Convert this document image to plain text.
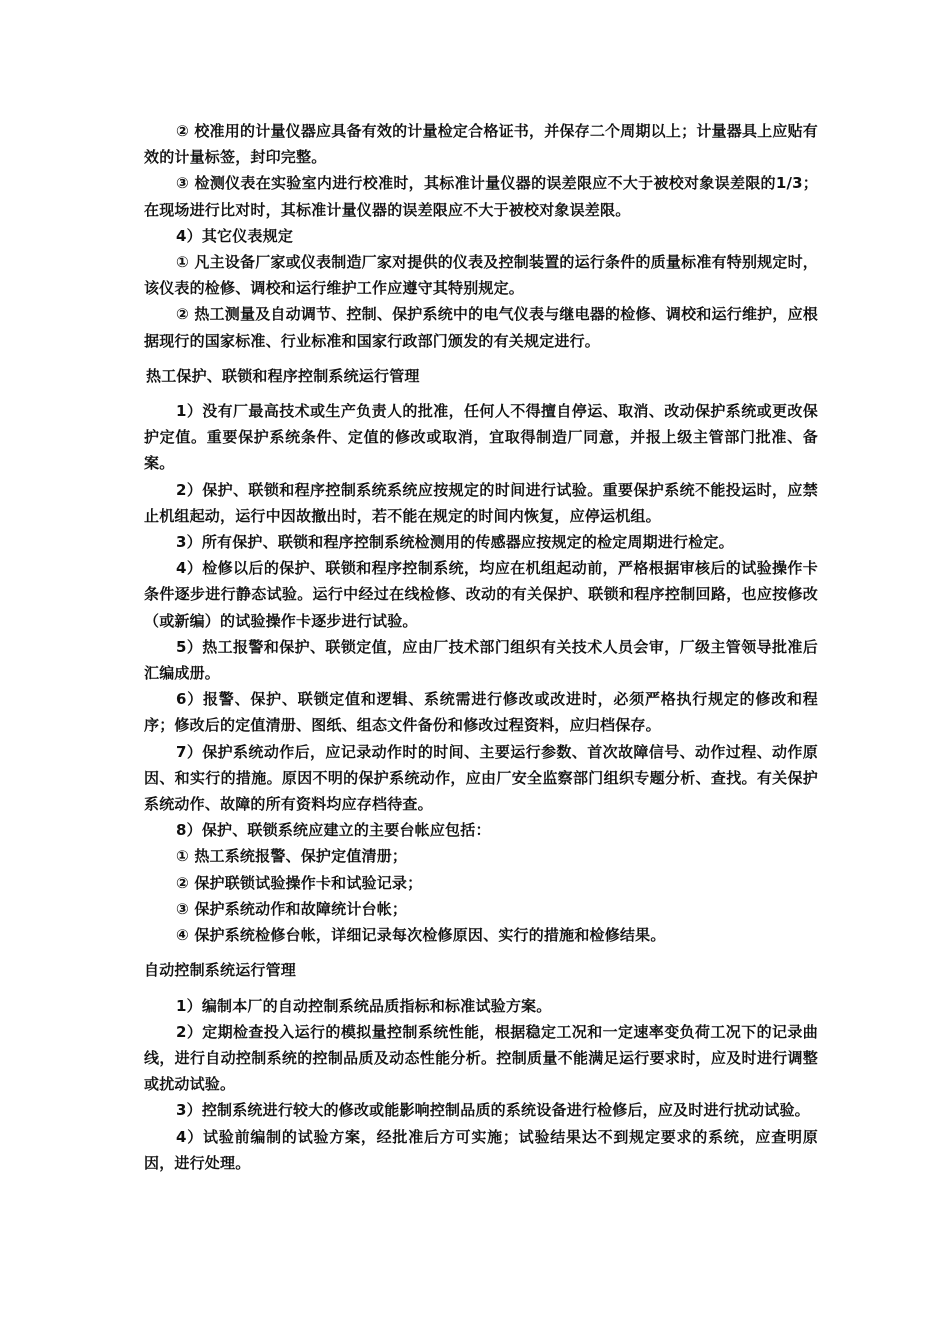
② 校准用的计量仪器应具备有效的计量检定合格证书，并保存二个周期以上；计量器具上应贴有效的计量标签，封印完整。

③ 检测仪表在实验室内进行校准时，其标准计量仪器的误差限应不大于被校对象误差限的1/3；在现场进行比对时，其标准计量仪器的误差限应不大于被校对象误差限。

4）其它仪表规定

① 凡主设备厂家或仪表制造厂家对提供的仪表及控制装置的运行条件的质量标准有特别规定时，该仪表的检修、调校和运行维护工作应遵守其特别规定。

② 热工测量及自动调节、控制、保护系统中的电气仪表与继电器的检修、调校和运行维护，应根据现行的国家标准、行业标准和国家行政部门颁发的有关规定进行。

热工保护、联锁和程序控制系统运行管理

1）没有厂最高技术或生产负责人的批准，任何人不得擅自停运、取消、改动保护系统或更改保护定值。重要保护系统条件、定值的修改或取消，宜取得制造厂同意，并报上级主管部门批准、备案。

2）保护、联锁和程序控制系统系统应按规定的时间进行试验。重要保护系统不能投运时，应禁止机组起动，运行中因故撤出时，若不能在规定的时间内恢复，应停运机组。

3）所有保护、联锁和程序控制系统检测用的传感器应按规定的检定周期进行检定。

4）检修以后的保护、联锁和程序控制系统，均应在机组起动前，严格根据审核后的试验操作卡条件逐步进行静态试验。运行中经过在线检修、改动的有关保护、联锁和程序控制回路，也应按修改（或新编）的试验操作卡逐步进行试验。

5）热工报警和保护、联锁定值，应由厂技术部门组织有关技术人员会审，厂级主管领导批准后汇编成册。

6）报警、保护、联锁定值和逻辑、系统需进行修改或改进时，必须严格执行规定的修改和程序；修改后的定值清册、图纸、组态文件备份和修改过程资料，应归档保存。

7）保护系统动作后，应记录动作时的时间、主要运行参数、首次故障信号、动作过程、动作原因、和实行的措施。原因不明的保护系统动作，应由厂安全监察部门组织专题分析、查找。有关保护系统动作、故障的所有资料均应存档待查。

8）保护、联锁系统应建立的主要台帐应包括：

① 热工系统报警、保护定值清册；

② 保护联锁试验操作卡和试验记录；

③ 保护系统动作和故障统计台帐；

④ 保护系统检修台帐，详细记录每次检修原因、实行的措施和检修结果。

自动控制系统运行管理

1）编制本厂的自动控制系统品质指标和标准试验方案。

2）定期检查投入运行的模拟量控制系统性能，根据稳定工况和一定速率变负荷工况下的记录曲线，进行自动控制系统的控制品质及动态性能分析。控制质量不能满足运行要求时，应及时进行调整或扰动试验。

3）控制系统进行较大的修改或能影响控制品质的系统设备进行检修后，应及时进行扰动试验。

4）试验前编制的试验方案，经批准后方可实施；试验结果达不到规定要求的系统，应查明原因，进行处理。
